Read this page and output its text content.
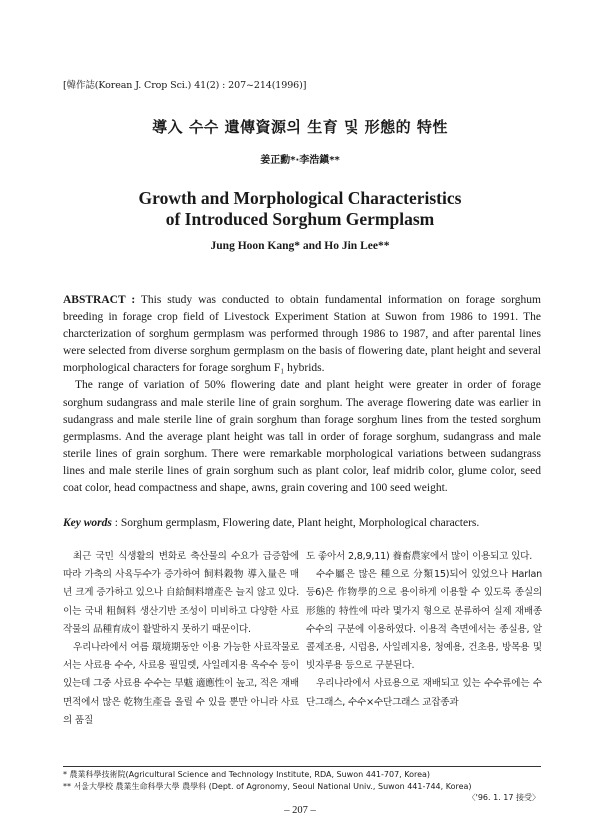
[韓作誌(Korean J. Crop Sci.) 41(2) : 207~214(1996)]
導入 수수 遺傳資源의 生育 및 形態的 特性
姜正勳*·李浩鎭**
Growth and Morphological Characteristics
of Introduced Sorghum Germplasm
Jung Hoon Kang* and Ho Jin Lee**

ABSTRACT : This study was conducted to obtain fundamental information on forage sorghum breeding in forage crop field of Livestock Experiment Station at Suwon from 1986 to 1991. The charcterization of sorghum germplasm was performed through 1986 to 1987, and after parental lines were selected from diverse sorghum germplasm on the basis of flowering date, plant height and several morphological characters for forage sorghum F₁ hybrids.

The range of variation of 50% flowering date and plant height were greater in order of forage sorghum sudangrass and male sterile line of grain sorghum. The average flowering date was earlier in sudangrass and male sterile line of grain sorghum than forage sorghum lines from the tested sorghum germplasms. And the average plant height was tall in order of forage sorghum, sudangrass and male sterile lines of grain sorghum. There were remarkable morphological variations between sudangrass lines and male sterile lines of grain sorghum such as plant color, leaf midrib color, glume color, seed coat color, head compactness and shape, awns, grain covering and 100 seed weight.

Key words : Sorghum germplasm, Flowering date, Plant height, Morphological characters.

최근 국민 식생활의 변화로 축산물의 수요가 급증함에 따라 가축의 사육두수가 증가하여 飼料穀物 導入量은 매년 크게 증가하고 있으나 自給飼料增產은 늘지 않고 있다. 이는 국내 粗飼料 생산기반 조성이 미비하고 다양한 사료작물의 品種育成이 활발하지 못하기 때문이다.

우리나라에서 여름 環境期동안 이용 가능한 사료작물로서는 사료용 수수, 사료용 필밀렛, 사일레지용 옥수수 등이 있는데 그중 사료용 수수는 旱魃 適應性이 높고, 적은 재배면적에서 많은 乾物生產을 올릴 수 있을 뿐만 아니라 사료의 품질

도 좋아서 2,8,9,11) 養畜農家에서 많이 이용되고 있다.

수수屬은 많은 種으로 分類15)되어 있었으나 Harlan 등6)은 作物學的으로 용이하게 이용할 수 있도록 종실의 形態的 特性에 따라 몇가지 형으로 분류하여 실제 재배종 수수의 구분에 이용하였다. 이용적 측면에서는 종실용, 알콜제조용, 시럽용, 사일레지용, 청예용, 건초용, 방목용 및 빗자루용 등으로 구분된다.

우리나라에서 사료용으로 재배되고 있는 수수류에는 수단그래스, 수수×수단그래스 교잡종과

* 農業科學技術院(Agricultural Science and Technology Institute, RDA, Suwon 441-707, Korea)
** 서울大學校 農業生命科學大學 農學科 (Dept. of Agronomy, Seoul National Univ., Suwon 441-744, Korea)
〈'96. 1. 17 接受〉
– 207 –
